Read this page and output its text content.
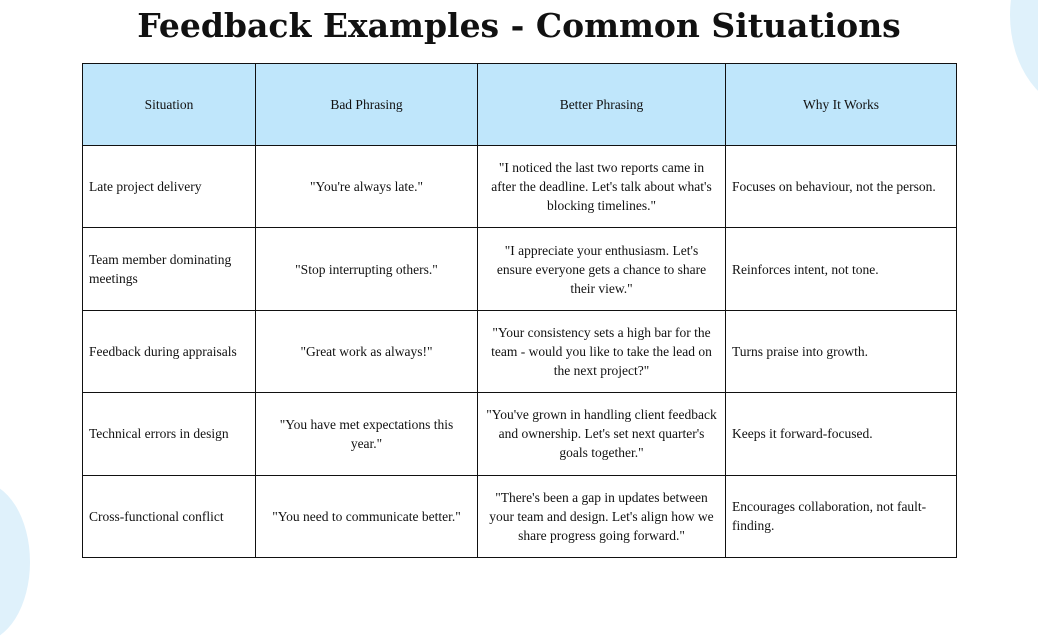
Feedback Examples - Common Situations
Situation	Bad Phrasing	Better Phrasing	Why It Works
Late project delivery	"You're always late."	"I noticed the last two reports came in after the deadline. Let's talk about what's blocking timelines."	Focuses on behaviour, not the person.
Team member dominating meetings	"Stop interrupting others."	"I appreciate your enthusiasm. Let's ensure everyone gets a chance to share their view."	Reinforces intent, not tone.
Feedback during appraisals	"Great work as always!"	"Your consistency sets a high bar for the team - would you like to take the lead on the next project?"	Turns praise into growth.
Technical errors in design	"You have met expectations this year."	"You've grown in handling client feedback and ownership. Let's set next quarter's goals together."	Keeps it forward-focused.
Cross-functional conflict	"You need to communicate better."	"There's been a gap in updates between your team and design. Let's align how we share progress going forward."	Encourages collaboration, not fault-finding.
